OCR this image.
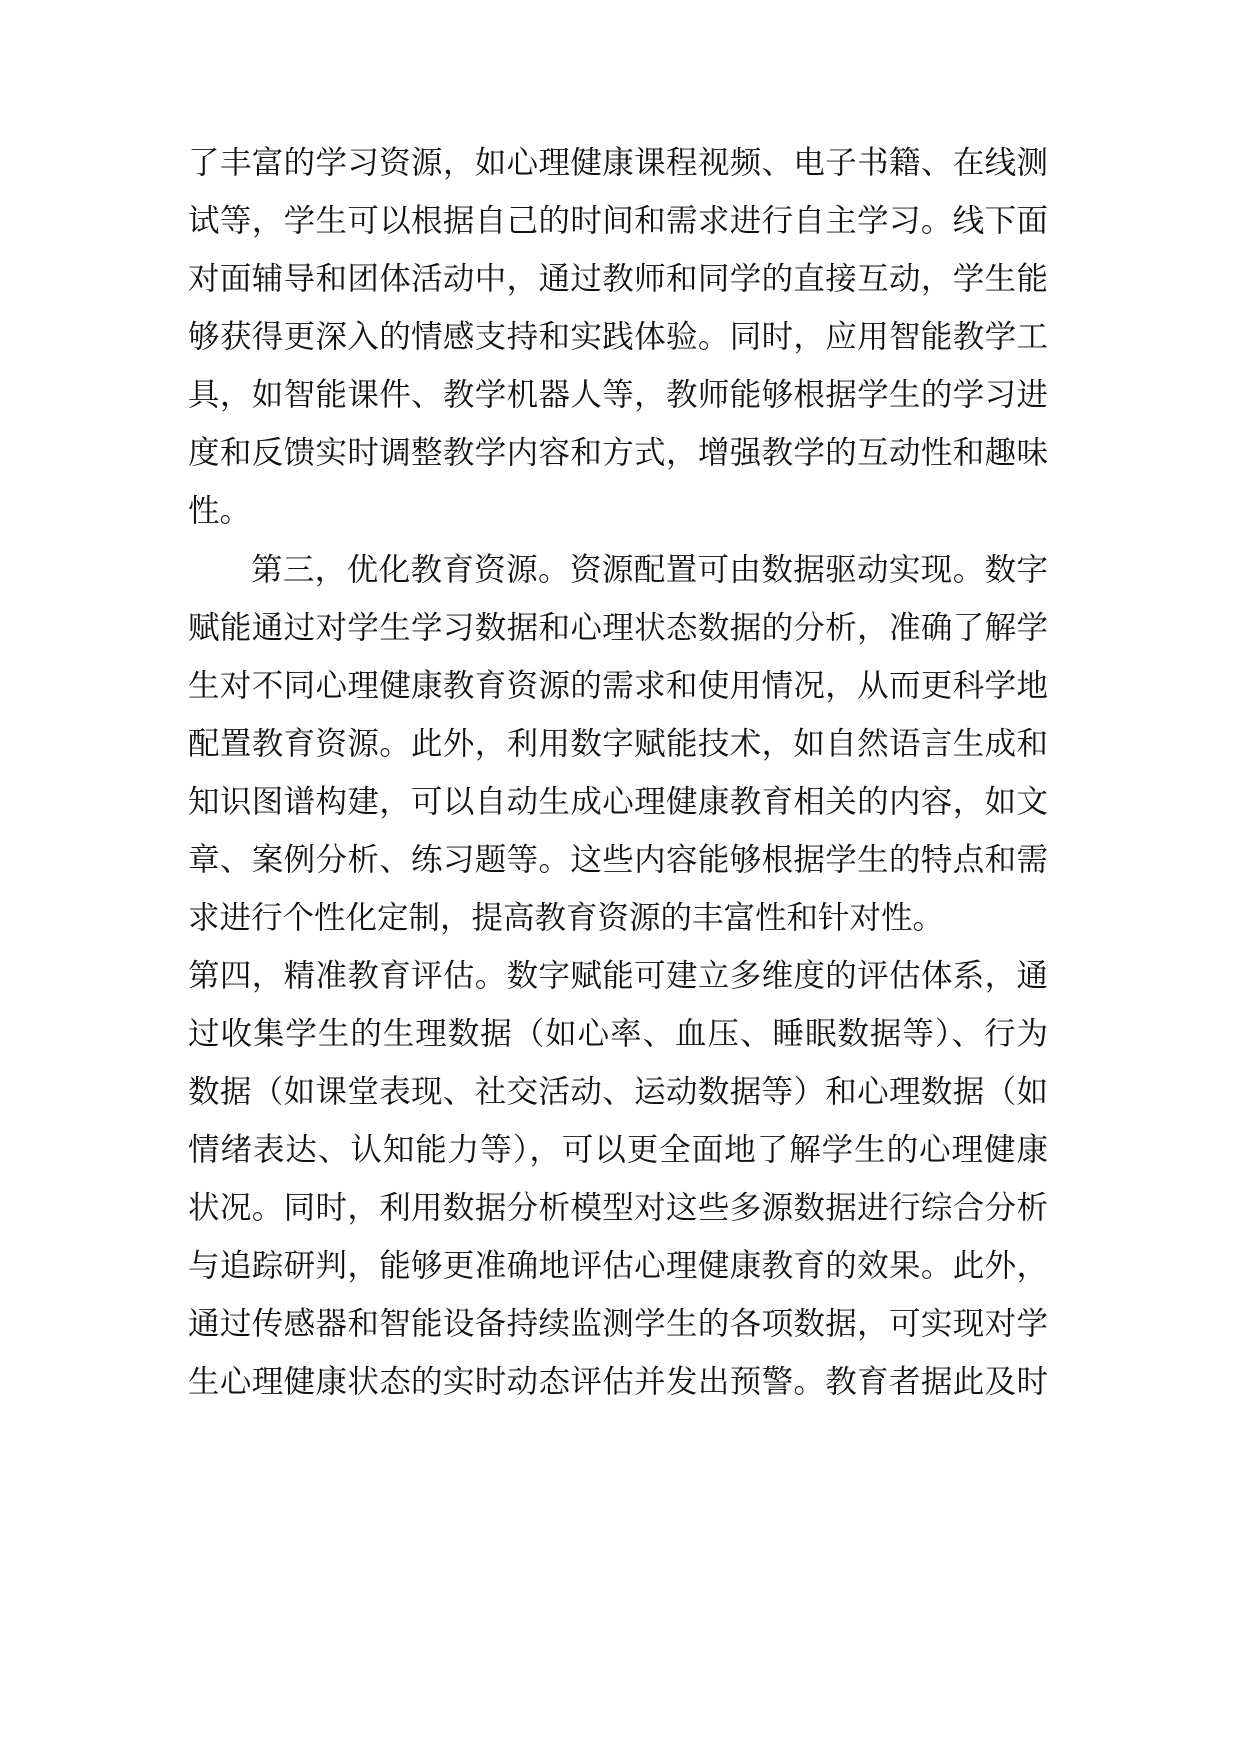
了丰富的学习资源，如心理健康课程视频、电子书籍、在线测
试等，学生可以根据自己的时间和需求进行自主学习。线下面
对面辅导和团体活动中，通过教师和同学的直接互动，学生能
够获得更深入的情感支持和实践体验。同时，应用智能教学工
具，如智能课件、教学机器人等，教师能够根据学生的学习进
度和反馈实时调整教学内容和方式，增强教学的互动性和趣味
性。
第三，优化教育资源。资源配置可由数据驱动实现。数字
赋能通过对学生学习数据和心理状态数据的分析，准确了解学
生对不同心理健康教育资源的需求和使用情况，从而更科学地
配置教育资源。此外，利用数字赋能技术，如自然语言生成和
知识图谱构建，可以自动生成心理健康教育相关的内容，如文
章、案例分析、练习题等。这些内容能够根据学生的特点和需
求进行个性化定制，提高教育资源的丰富性和针对性。
第四，精准教育评估。数字赋能可建立多维度的评估体系，通
过收集学生的生理数据（如心率、血压、睡眠数据等）、行为
数据（如课堂表现、社交活动、运动数据等）和心理数据（如
情绪表达、认知能力等），可以更全面地了解学生的心理健康
状况。同时，利用数据分析模型对这些多源数据进行综合分析
与追踪研判，能够更准确地评估心理健康教育的效果。此外，
通过传感器和智能设备持续监测学生的各项数据，可实现对学
生心理健康状态的实时动态评估并发出预警。教育者据此及时
